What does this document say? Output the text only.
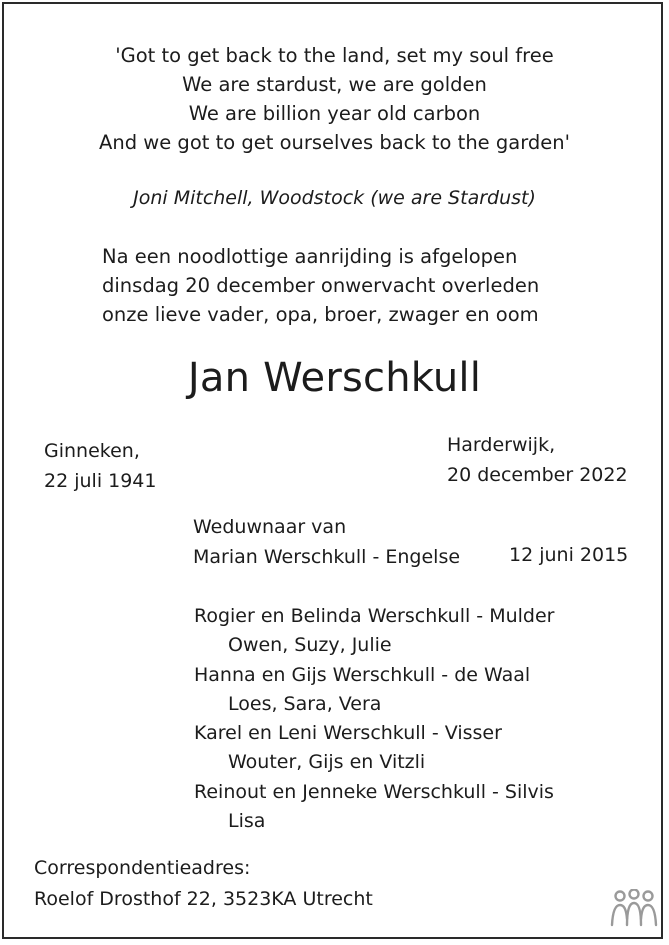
'Got to get back to the land, set my soul free
We are stardust, we are golden
We are billion year old carbon
And we got to get ourselves back to the garden'
Joni Mitchell, Woodstock (we are Stardust)
Na een noodlottige aanrijding is afgelopen
dinsdag 20 december onwervacht overleden
onze lieve vader, opa, broer, zwager en oom
Jan Werschkull
Ginneken,
22 juli 1941
Harderwijk,
20 december 2022
Weduwnaar van
Marian Werschkull - Engelse	12 juni 2015
Rogier en Belinda Werschkull - Mulder
Owen, Suzy, Julie
Hanna en Gijs Werschkull - de Waal
Loes, Sara, Vera
Karel en Leni Werschkull - Visser
Wouter, Gijs en Vitzli
Reinout en Jenneke Werschkull - Silvis
Lisa
Correspondentieadres:
Roelof Drosthof 22, 3523KA Utrecht
